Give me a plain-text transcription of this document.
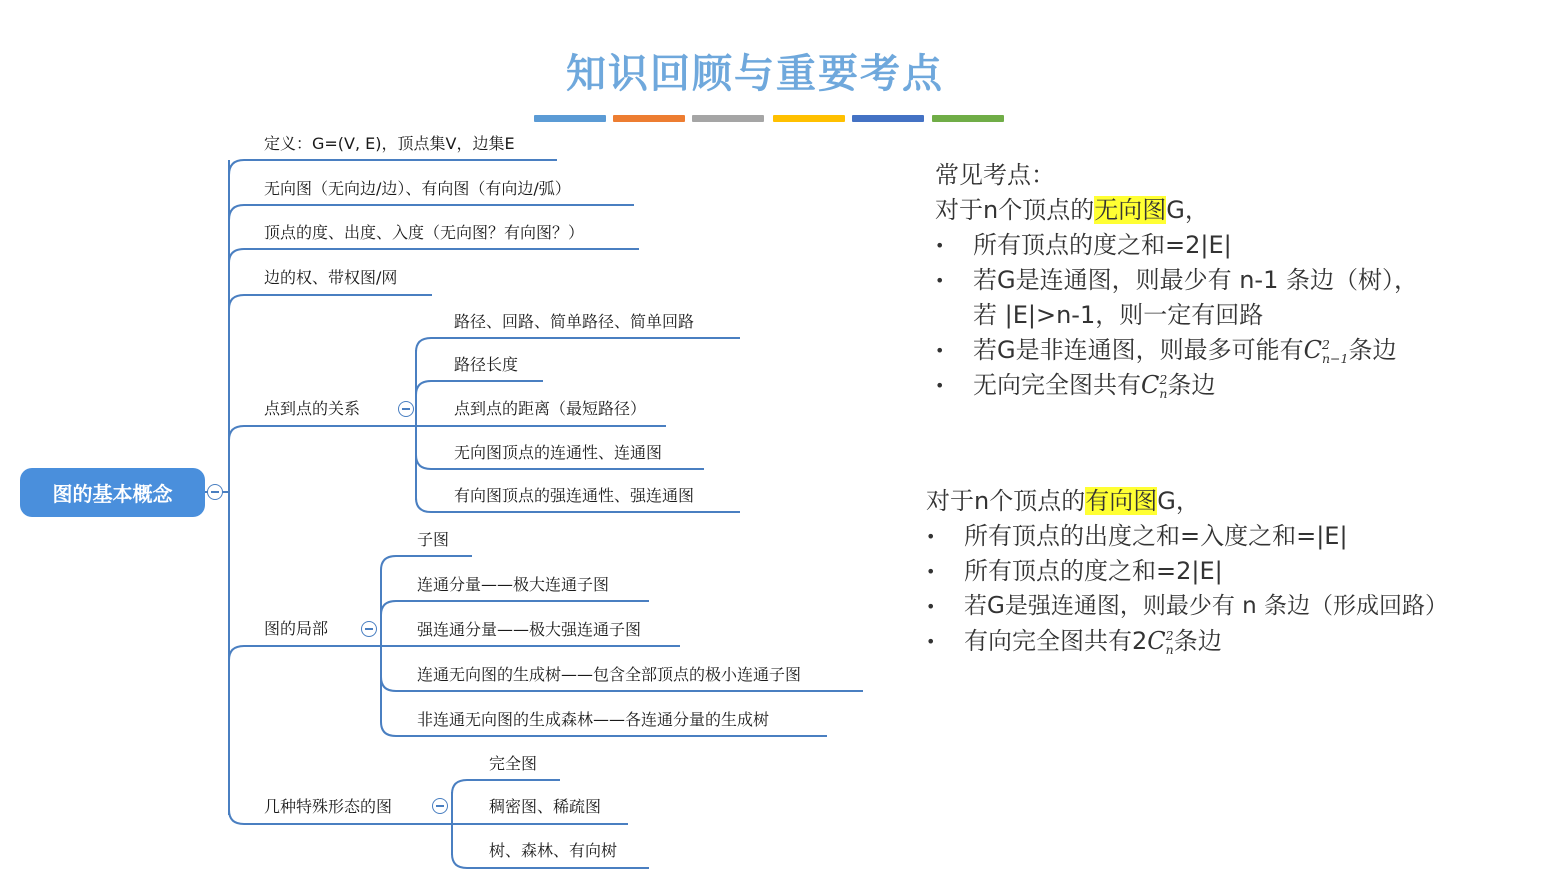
知识回顾与重要考点
图的基本概念
定义：G=(V, E)，顶点集V，边集E
无向图（无向边/边）、有向图（有向边/弧）
顶点的度、出度、入度（无向图？有向图？）
边的权、带权图/网
点到点的关系
图的局部
几种特殊形态的图
路径、回路、简单路径、简单回路
路径长度
点到点的距离（最短路径）
无向图顶点的连通性、连通图
有向图顶点的强连通性、强连通图
子图
连通分量——极大连通子图
强连通分量——极大强连通子图
连通无向图的生成树——包含全部顶点的极小连通子图
非连通无向图的生成森林——各连通分量的生成树
完全图
稠密图、稀疏图
树、森林、有向树
常见考点：
对于n个顶点的无向图G，
•	所有顶点的度之和=2|E|
•	若G是连通图，则最少有 n-1 条边（树），
若 |E|>n-1，则一定有回路
•	若G是非连通图，则最多可能有 C 2
n−1 条边
•	无向完全图共有 C 2
n 条边
对于n个顶点的有向图G，
•	所有顶点的出度之和=入度之和=|E|
•	所有顶点的度之和=2|E|
•	若G是强连通图，则最少有 n 条边（形成回路）
•	有向完全图共有2 C 2
n 条边
